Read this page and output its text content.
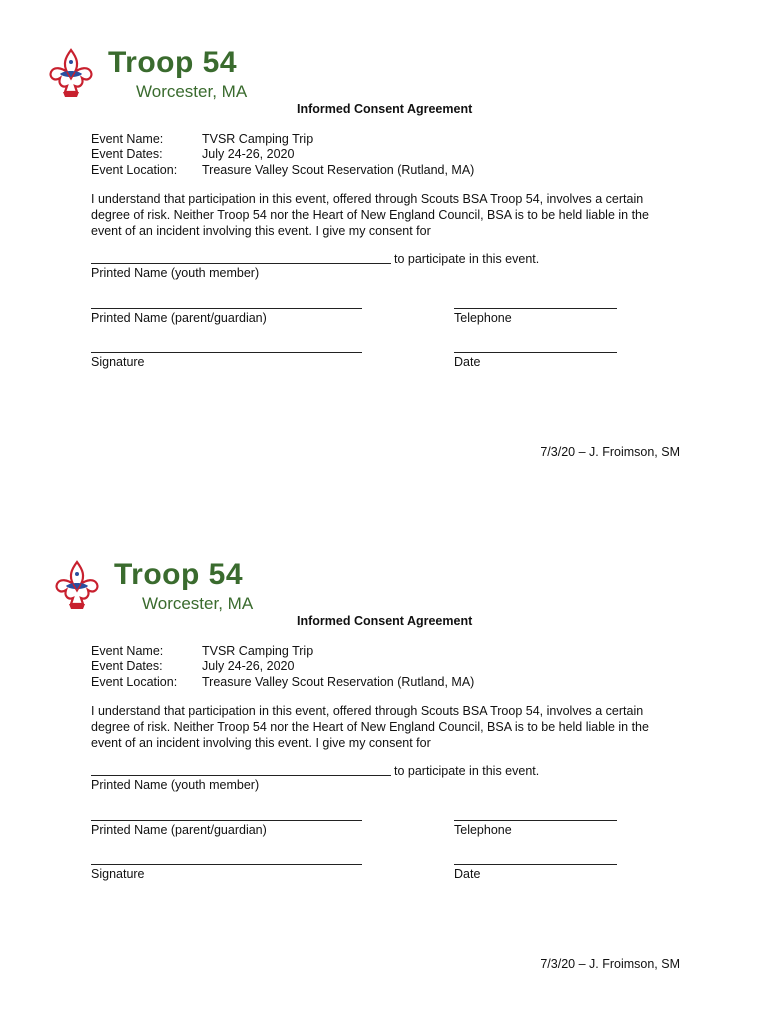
Troop 54
Worcester, MA
Informed Consent Agreement
Event Name:	TVSR Camping Trip
Event Dates:	July 24-26, 2020
Event Location: Treasure Valley Scout Reservation (Rutland, MA)
I understand that participation in this event, offered through Scouts BSA Troop 54, involves a certain degree of risk. Neither Troop 54 nor the Heart of New England Council, BSA is to be held liable in the event of an incident involving this event. I give my consent for
to participate in this event.
Printed Name (youth member)
Printed Name (parent/guardian)	Telephone
Signature	Date
7/3/20 – J. Froimson, SM
Troop 54
Worcester, MA
Informed Consent Agreement
Event Name:	TVSR Camping Trip
Event Dates:	July 24-26, 2020
Event Location: Treasure Valley Scout Reservation (Rutland, MA)
I understand that participation in this event, offered through Scouts BSA Troop 54, involves a certain degree of risk. Neither Troop 54 nor the Heart of New England Council, BSA is to be held liable in the event of an incident involving this event. I give my consent for
to participate in this event.
Printed Name (youth member)
Printed Name (parent/guardian)	Telephone
Signature	Date
7/3/20 – J. Froimson, SM
